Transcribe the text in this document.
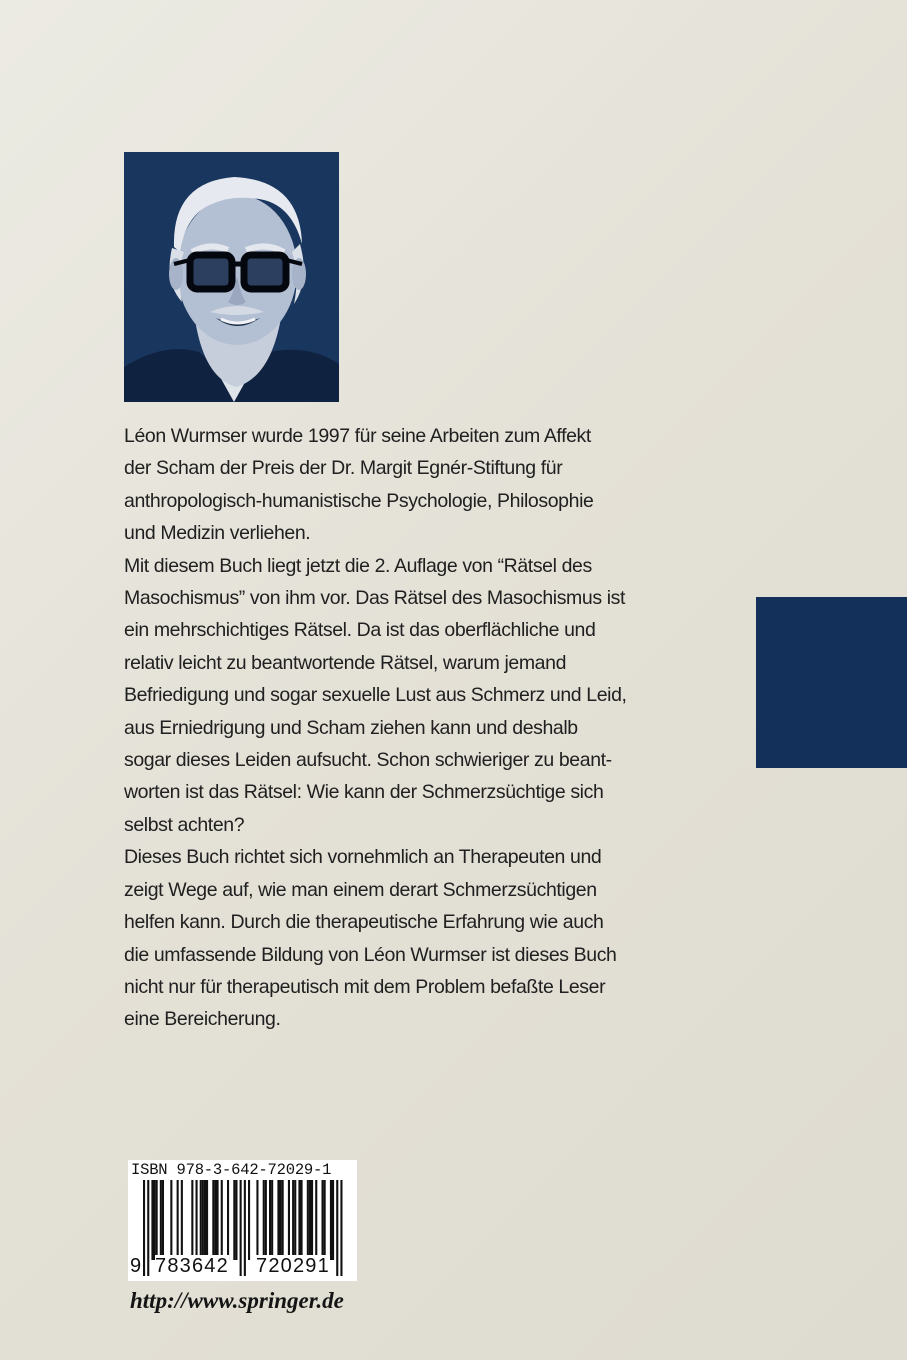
Léon Wurmser wurde 1997 für seine Arbeiten zum Affekt

der Scham der Preis der Dr. Margit Egnér-Stiftung für

anthropologisch-humanistische Psychologie, Philosophie

und Medizin verliehen.

Mit diesem Buch liegt jetzt die 2. Auflage von “Rätsel des

Masochismus” von ihm vor. Das Rätsel des Masochismus ist

ein mehrschichtiges Rätsel. Da ist das oberflächliche und

relativ leicht zu beantwortende Rätsel, warum jemand

Befriedigung und sogar sexuelle Lust aus Schmerz und Leid,

aus Erniedrigung und Scham ziehen kann und deshalb

sogar dieses Leiden aufsucht. Schon schwieriger zu beant-

worten ist das Rätsel: Wie kann der Schmerzsüchtige sich

selbst achten?

Dieses Buch richtet sich vornehmlich an Therapeuten und

zeigt Wege auf, wie man einem derart Schmerzsüchtigen

helfen kann. Durch die therapeutische Erfahrung wie auch

die umfassende Bildung von Léon Wurmser ist dieses Buch

nicht nur für therapeutisch mit dem Problem befaßte Leser

eine Bereicherung.

ISBN 978-3-642-72029-1
9 783642 720291
http://www.springer.de
